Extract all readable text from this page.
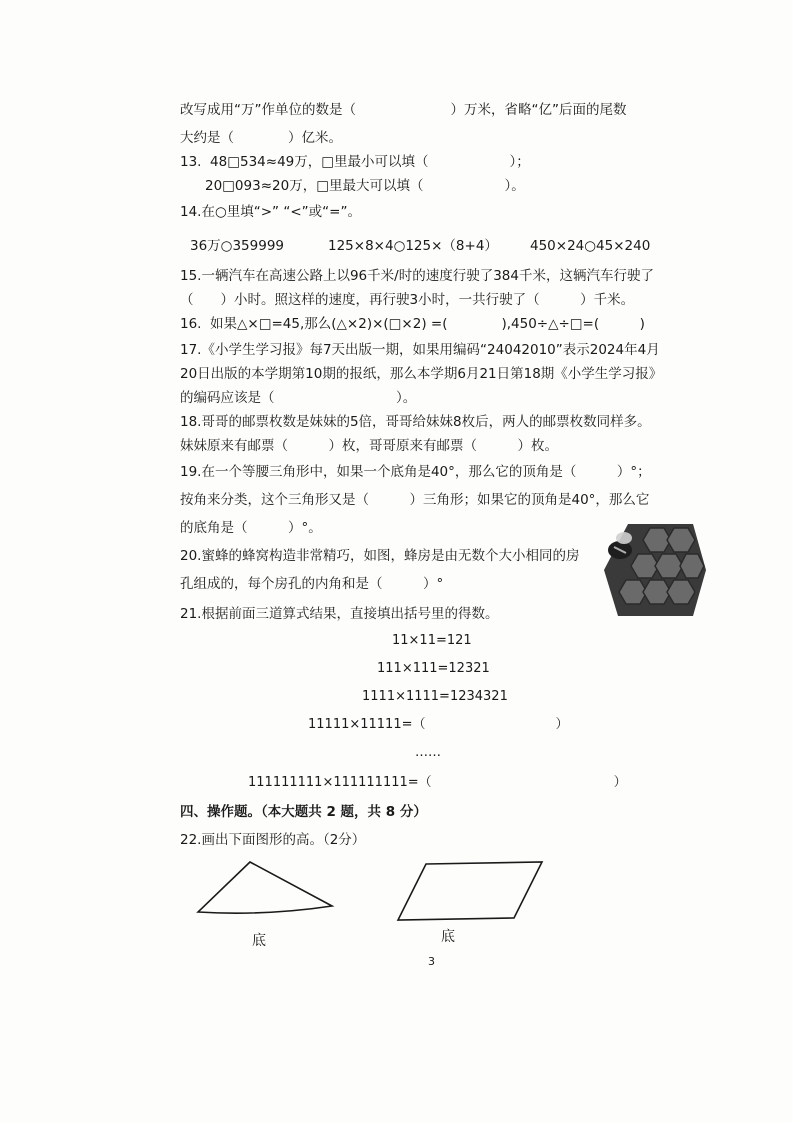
改写成用“万”作单位的数是（　　　　　　　）万米，省略“亿”后面的尾数
大约是（　　　　）亿米。
13.  48□534≈49万，□里最小可以填（　　　　　　）；
20□093≈20万，□里最大可以填（　　　　　　）。
14.在○里填“>” “<”或“=”。
36万○359999	125×8×4○125×（8+4） 450×24○45×240
15.一辆汽车在高速公路上以96千米/时的速度行驶了384千米，这辆汽车行驶了
（　　）小时。照这样的速度，再行驶3小时，一共行驶了（　　　）千米。
16.  如果△×□=45,那么(△×2)×(□×2) =(　　　　),450÷△÷□=(　　　)
17.《小学生学习报》每7天出版一期，如果用编码“24042010”表示2024年4月
20日出版的本学期第10期的报纸，那么本学期6月21日第18期《小学生学习报》
的编码应该是（　　　　　　　　　）。
18.哥哥的邮票枚数是妹妹的5倍，哥哥给妹妹8枚后，两人的邮票枚数同样多。
妹妹原来有邮票（　　　）枚，哥哥原来有邮票（　　　）枚。
19.在一个等腰三角形中，如果一个底角是40°，那么它的顶角是（　　　）°；
按角来分类，这个三角形又是（　　　）三角形；如果它的顶角是40°，那么它
的底角是（　　　）°。
20.蜜蜂的蜂窝构造非常精巧，如图，蜂房是由无数个大小相同的房
孔组成的，每个房孔的内角和是（　　　）°
21.根据前面三道算式结果，直接填出括号里的得数。
11×11=121
111×111=12321
1111×1111=1234321
11111×11111=（　　　　　　　　　　）
……
111111111×111111111=（　　　　　　　　　　　　　　）
四、操作题。（本大题共 2 题，共 8 分）
22.画出下面图形的高。（2分）
底	底
3
